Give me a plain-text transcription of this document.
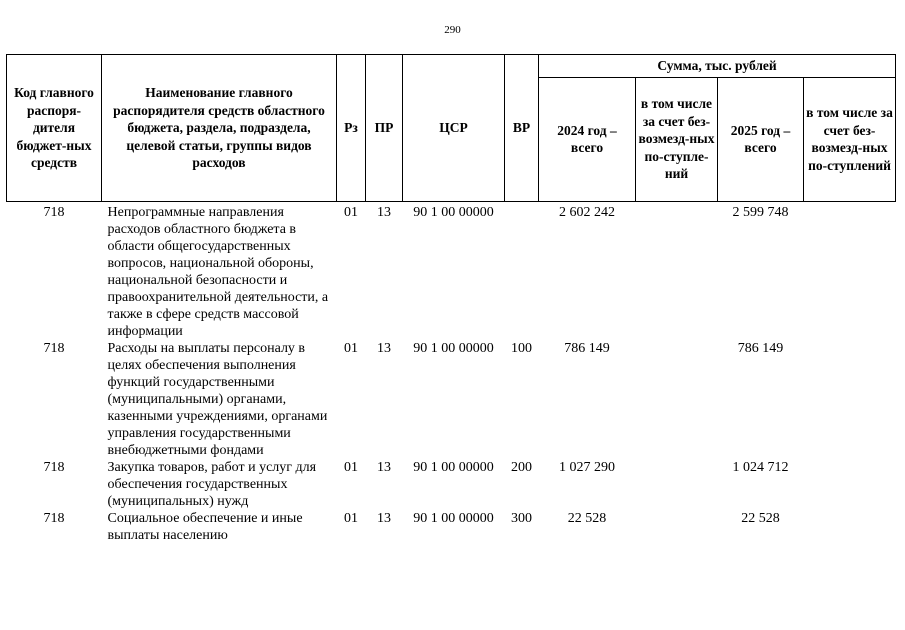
290
Код главного распоря-дителя бюджет-ных средств	Наименование главного распорядителя средств областного бюджета, раздела, подраздела, целевой статьи, группы видов расходов	Рз	ПР	ЦСР	ВР	Сумма, тыс. рублей			
						2024 год – всего	в том числе за счет без-возмезд-ных по-ступле-ний	2025 год – всего	в том числе за счет без-возмезд-ных по-ступлений
718	Непрограммные направления расходов областного бюджета в области общегосударственных вопросов, национальной обороны, национальной безопасности и правоохранительной деятельности, а также в сфере средств массовой информации	01	13	90 1 00 00000		2 602 242		2 599 748	
718	Расходы на выплаты персоналу в целях обеспечения выполнения функций государственными (муниципальными) органами, казенными учреждениями, органами управления государственными внебюджетными фондами	01	13	90 1 00 00000	100	786 149		786 149	
718	Закупка товаров, работ и услуг для обеспечения государственных (муниципальных) нужд	01	13	90 1 00 00000	200	1 027 290		1 024 712	
718	Социальное обеспечение и иные выплаты населению	01	13	90 1 00 00000	300	22 528		22 528	
